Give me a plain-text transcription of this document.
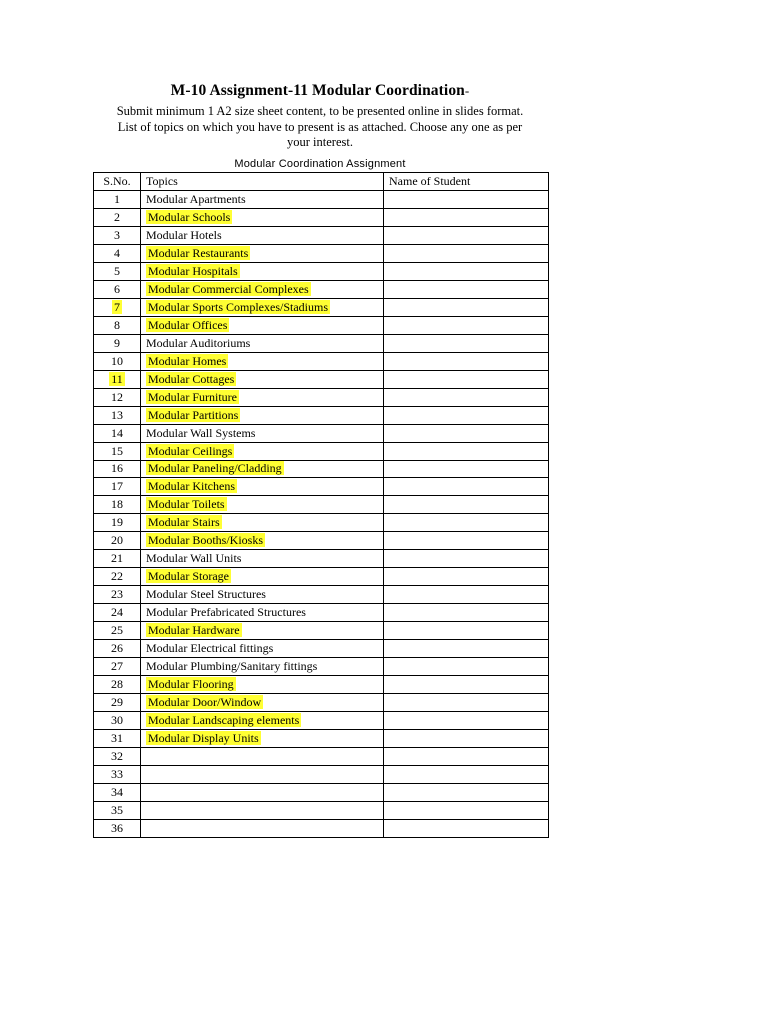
M-10 Assignment-11 Modular Coordination-
Submit minimum 1 A2 size sheet content, to be presented online in slides format.
List of topics on which you have to present is as attached. Choose any one as per
your interest.
Modular Coordination Assignment
S.No.	Topics	Name of Student
1	Modular Apartments	
2	Modular Schools	
3	Modular Hotels	
4	Modular Restaurants	
5	Modular Hospitals	
6	Modular Commercial Complexes	
7	Modular Sports Complexes/Stadiums	
8	Modular Offices	
9	Modular Auditoriums	
10	Modular Homes	
11	Modular Cottages	
12	Modular Furniture	
13	Modular Partitions	
14	Modular Wall Systems	
15	Modular Ceilings	
16	Modular Paneling/Cladding	
17	Modular Kitchens	
18	Modular Toilets	
19	Modular Stairs	
20	Modular Booths/Kiosks	
21	Modular Wall Units	
22	Modular Storage	
23	Modular Steel Structures	
24	Modular Prefabricated Structures	
25	Modular Hardware	
26	Modular Electrical fittings	
27	Modular Plumbing/Sanitary fittings	
28	Modular Flooring	
29	Modular Door/Window	
30	Modular Landscaping elements	
31	Modular Display Units	
32		
33		
34		
35		
36		
